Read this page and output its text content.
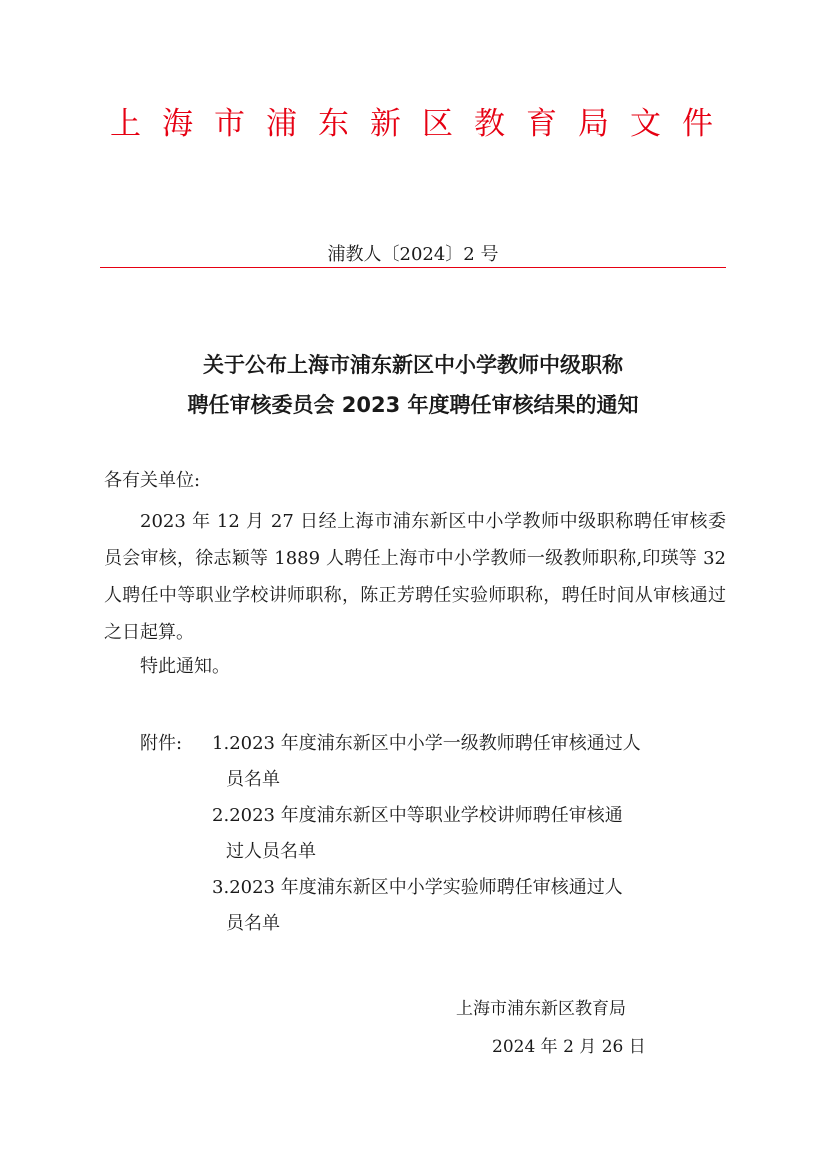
上海市浦东新区教育局文件
浦教人〔2024〕2 号
关于公布上海市浦东新区中小学教师中级职称
聘任审核委员会 2023 年度聘任审核结果的通知
各有关单位:

2023 年 12 月 27 日经上海市浦东新区中小学教师中级职称聘任审核委员会审核，徐志颖等 1889 人聘任上海市中小学教师一级教师职称,印瑛等 32 人聘任中等职业学校讲师职称，陈正芳聘任实验师职称，聘任时间从审核通过之日起算。

特此通知。
附件: 1.2023 年度浦东新区中小学一级教师聘任审核通过人
员名单
2.2023 年度浦东新区中等职业学校讲师聘任审核通
过人员名单
3.2023 年度浦东新区中小学实验师聘任审核通过人
员名单
上海市浦东新区教育局
2024 年 2 月 26 日
